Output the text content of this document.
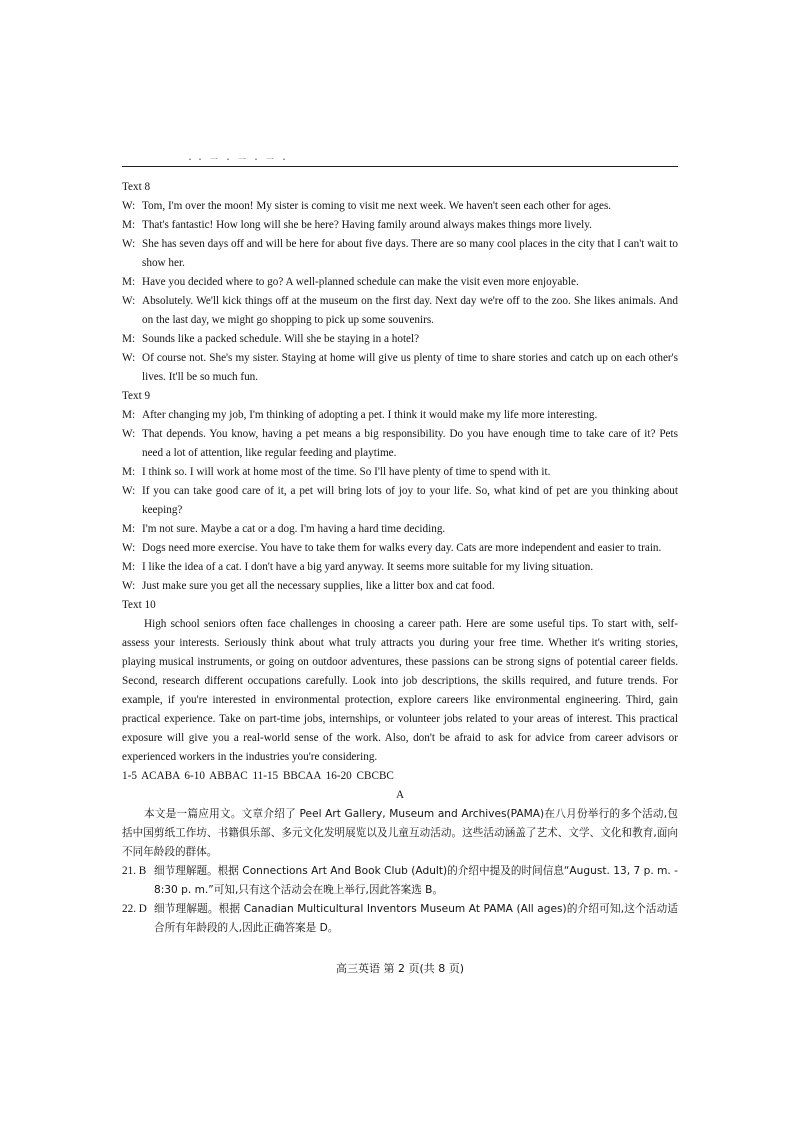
・・ 一 ・ 一 ・ 一 ・

Text 8

W: Tom, I'm over the moon! My sister is coming to visit me next week. We haven't seen each other for ages.
M: That's fantastic! How long will she be here? Having family around always makes things more lively.
W: She has seven days off and will be here for about five days. There are so many cool places in the city that I can't wait to show her.
M: Have you decided where to go? A well-planned schedule can make the visit even more enjoyable.
W: Absolutely. We'll kick things off at the museum on the first day. Next day we're off to the zoo. She likes animals. And on the last day, we might go shopping to pick up some souvenirs.
M: Sounds like a packed schedule. Will she be staying in a hotel?
W: Of course not. She's my sister. Staying at home will give us plenty of time to share stories and catch up on each other's lives. It'll be so much fun.

Text 9

M: After changing my job, I'm thinking of adopting a pet. I think it would make my life more interesting.
W: That depends. You know, having a pet means a big responsibility. Do you have enough time to take care of it? Pets need a lot of attention, like regular feeding and playtime.
M: I think so. I will work at home most of the time. So I'll have plenty of time to spend with it.
W: If you can take good care of it, a pet will bring lots of joy to your life. So, what kind of pet are you thinking about keeping?
M: I'm not sure. Maybe a cat or a dog. I'm having a hard time deciding.
W: Dogs need more exercise. You have to take them for walks every day. Cats are more independent and easier to train.
M: I like the idea of a cat. I don't have a big yard anyway. It seems more suitable for my living situation.
W: Just make sure you get all the necessary supplies, like a litter box and cat food.

Text 10

High school seniors often face challenges in choosing a career path. Here are some useful tips. To start with, self-assess your interests. Seriously think about what truly attracts you during your free time. Whether it's writing stories, playing musical instruments, or going on outdoor adventures, these passions can be strong signs of potential career fields. Second, research different occupations carefully. Look into job descriptions, the skills required, and future trends. For example, if you're interested in environmental protection, explore careers like environmental engineering. Third, gain practical experience. Take on part-time jobs, internships, or volunteer jobs related to your areas of interest. This practical exposure will give you a real-world sense of the work. Also, don't be afraid to ask for advice from career advisors or experienced workers in the industries you're considering.

1-5 ACABA 6-10 ABBAC 11-15 BBCAA 16-20 CBCBC

A

本文是一篇应用文。文章介绍了 Peel Art Gallery, Museum and Archives(PAMA)在八月份举行的多个活动,包括中国剪纸工作坊、书籍俱乐部、多元文化发明展览以及儿童互动活动。这些活动涵盖了艺术、文学、文化和教育,面向不同年龄段的群体。

21. B 细节理解题。根据 Connections Art And Book Club (Adult)的介绍中提及的时间信息“August. 13, 7 p. m. - 8:30 p. m.”可知,只有这个活动会在晚上举行,因此答案选 B。
22. D 细节理解题。根据 Canadian Multicultural Inventors Museum At PAMA (All ages)的介绍可知,这个活动适合所有年龄段的人,因此正确答案是 D。
高三英语 第 2 页(共 8 页)
